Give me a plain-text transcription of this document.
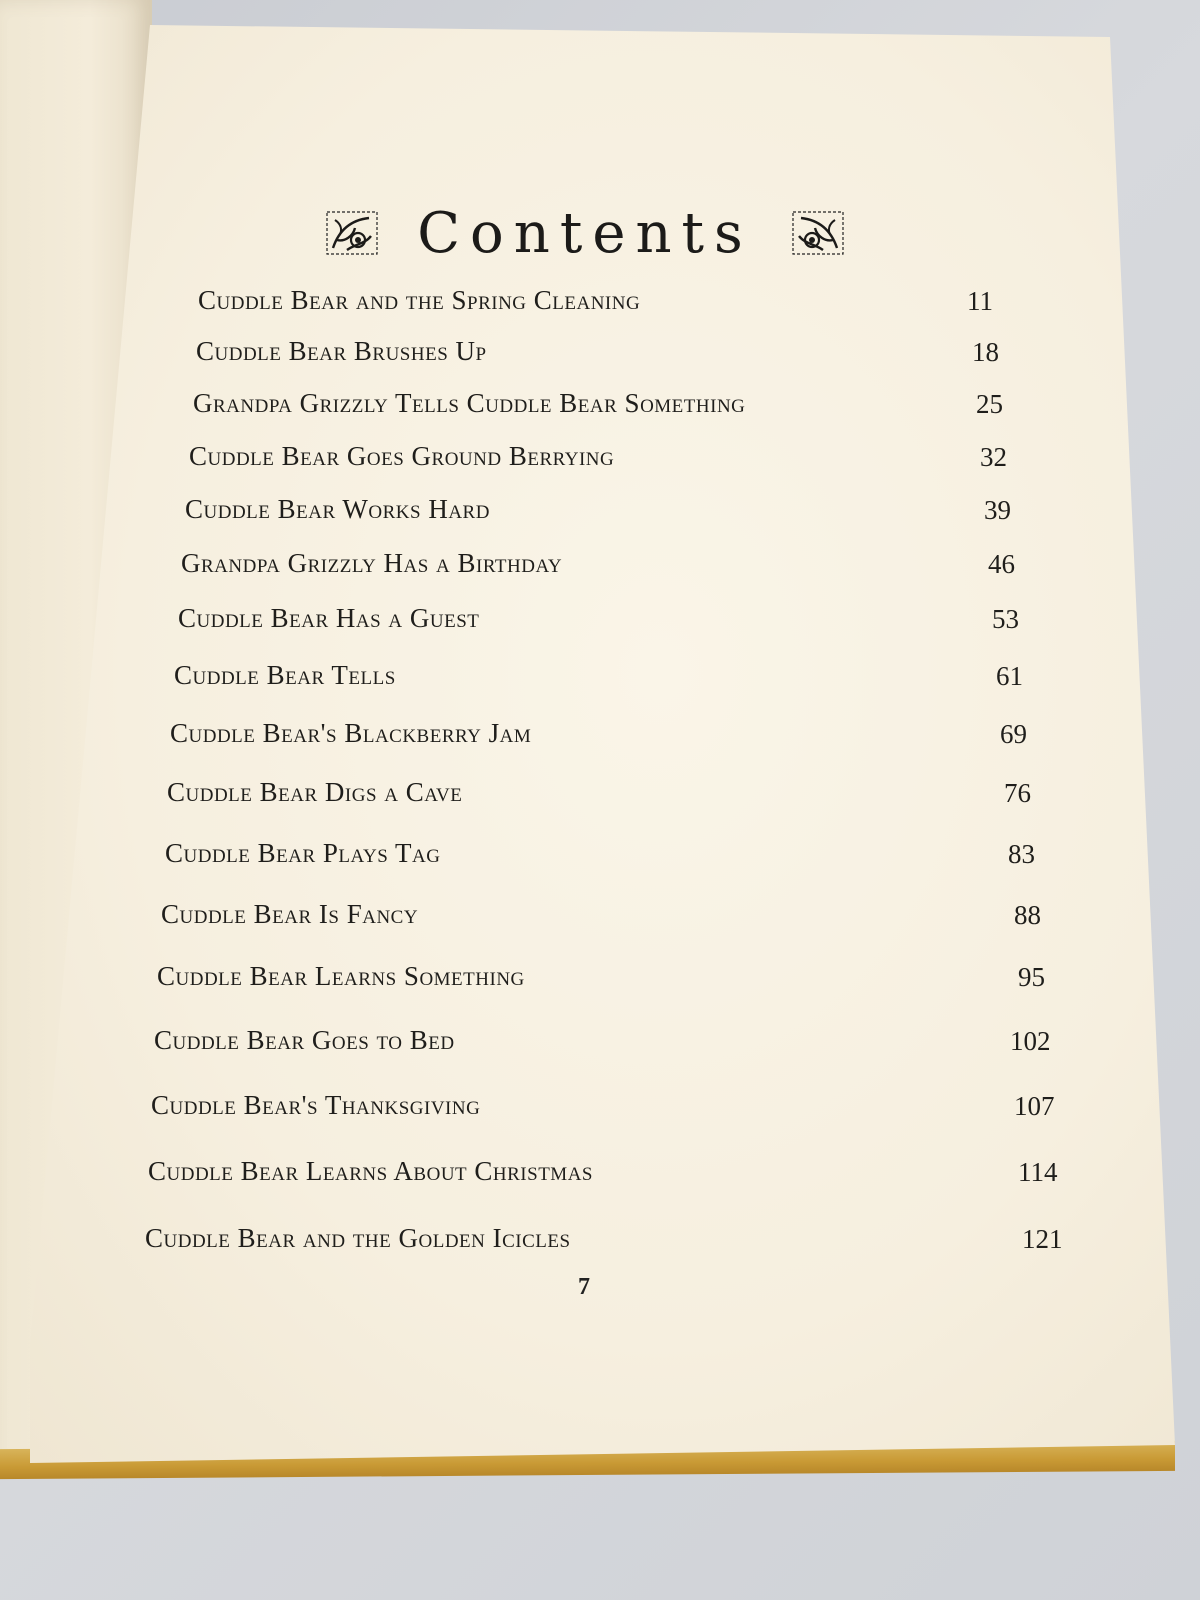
Contents
Cuddle Bear and the Spring Cleaning	11
Cuddle Bear Brushes Up	18
Grandpa Grizzly Tells Cuddle Bear Something	25
Cuddle Bear Goes Ground Berrying	32
Cuddle Bear Works Hard	39
Grandpa Grizzly Has a Birthday	46
Cuddle Bear Has a Guest	53
Cuddle Bear Tells	61
Cuddle Bear's Blackberry Jam	69
Cuddle Bear Digs a Cave	76
Cuddle Bear Plays Tag	83
Cuddle Bear Is Fancy	88
Cuddle Bear Learns Something	95
Cuddle Bear Goes to Bed	102
Cuddle Bear's Thanksgiving	107
Cuddle Bear Learns About Christmas	114
Cuddle Bear and the Golden Icicles	121
7
